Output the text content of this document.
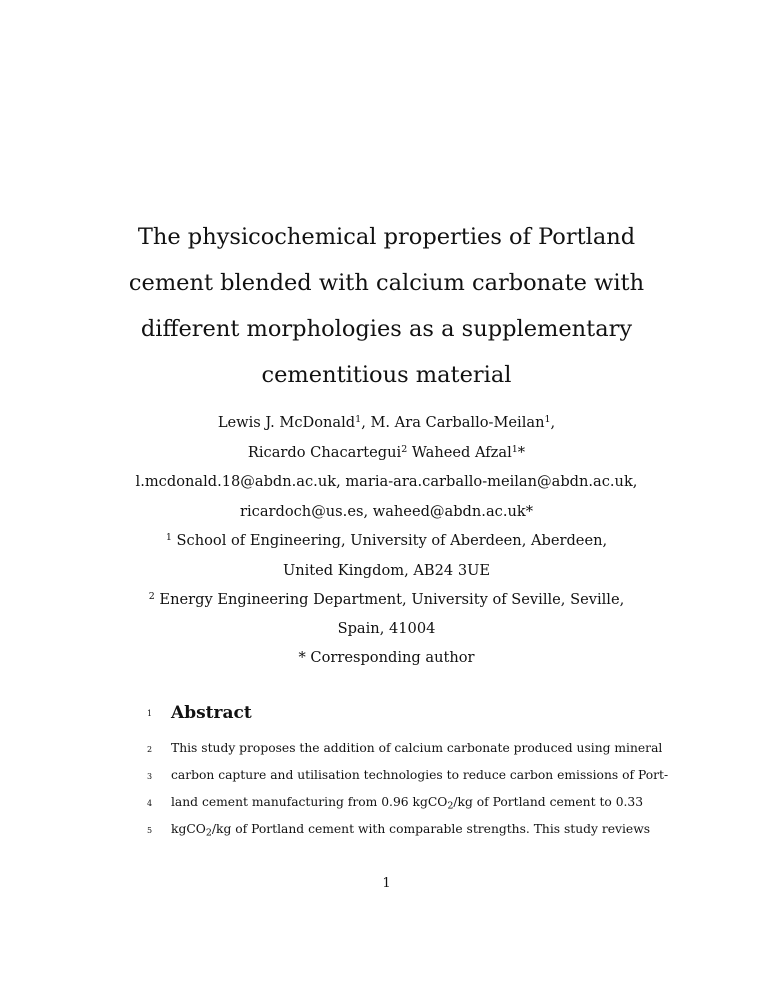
The physicochemical properties of Portland
cement blended with calcium carbonate with
different morphologies as a supplementary
cementitious material
Lewis J. McDonald$^1$, M. Ara Carballo-Meilan$^1$,
Ricardo Chacartegui$^2$ Waheed Afzal$^1$*
l.mcdonald.18@abdn.ac.uk, maria-ara.carballo-meilan@abdn.ac.uk,
ricardoch@us.es, waheed@abdn.ac.uk*
$^1$ School of Engineering, University of Aberdeen, Aberdeen,
United Kingdom, AB24 3UE
$^2$ Energy Engineering Department, University of Seville, Seville,
Spain, 41004
* Corresponding author
1 Abstract
2	This study proposes the addition of calcium carbonate produced using mineral
3	carbon capture and utilisation technologies to reduce carbon emissions of Port-
4	land cement manufacturing from 0.96 kgCO$_2$/kg of Portland cement to 0.33
5	kgCO$_2$/kg of Portland cement with comparable strengths. This study reviews
1
